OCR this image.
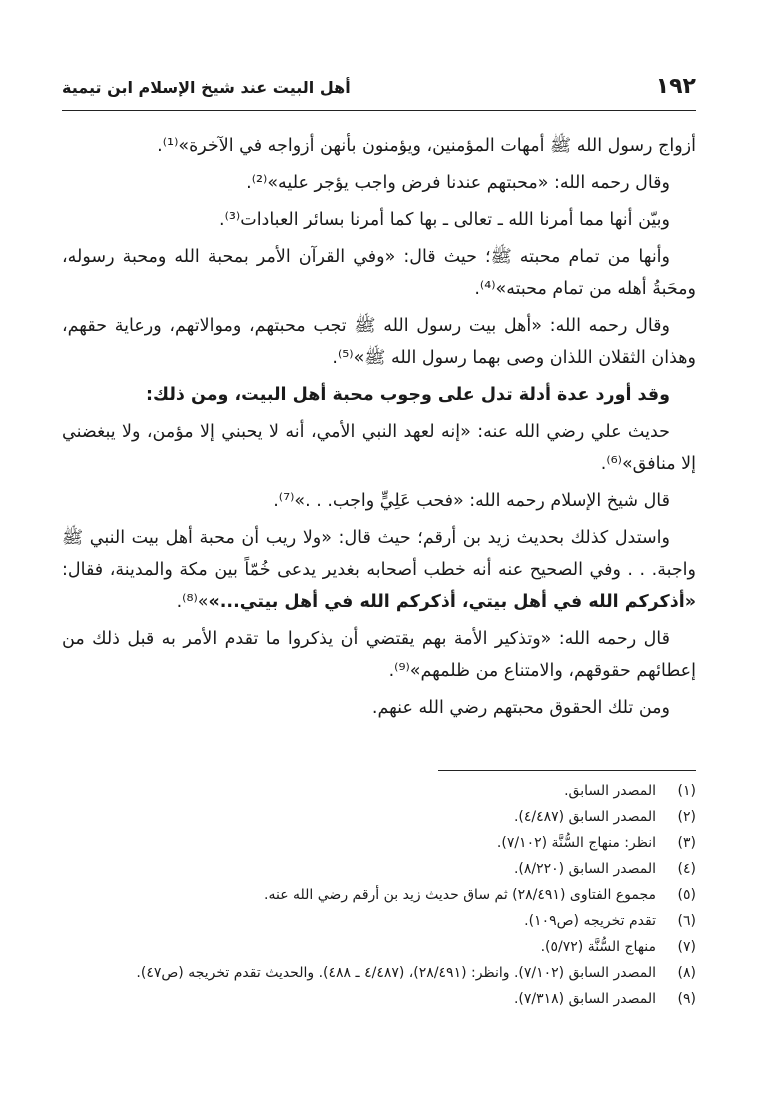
١٩٢
أهل البيت عند شيخ الإسلام ابن تيمية

أزواج رسول الله ﷺ أمهات المؤمنين، ويؤمنون بأنهن أزواجه في الآخرة»⁽¹⁾.

وقال رحمه الله: «محبتهم عندنا فرض واجب يؤجر عليه»⁽²⁾.

وبيّن أنها مما أمرنا الله ـ تعالى ـ بها كما أمرنا بسائر العبادات⁽³⁾.

وأنها من تمام محبته ﷺ؛ حيث قال: «وفي القرآن الأمر بمحبة الله ومحبة رسوله، ومحَبةُ أهله من تمام محبته»⁽⁴⁾.

وقال رحمه الله: «أهل بيت رسول الله ﷺ تجب محبتهم، وموالاتهم، ورعاية حقهم، وهذان الثقلان اللذان وصى بهما رسول الله ﷺ»⁽⁵⁾.

وقد أورد عدة أدلة تدل على وجوب محبة أهل البيت، ومن ذلك:

حديث علي رضي الله عنه: «إنه لعهد النبي الأمي، أنه لا يحبني إلا مؤمن، ولا يبغضني إلا منافق»⁽⁶⁾.

قال شيخ الإسلام رحمه الله: «فحب عَلِيٍّ واجب. . .»⁽⁷⁾.

واستدل كذلك بحديث زيد بن أرقم؛ حيث قال: «ولا ريب أن محبة أهل بيت النبي ﷺ واجبة. . . وفي الصحيح عنه أنه خطب أصحابه بغدير يدعى خُمّاً بين مكة والمدينة، فقال: «أذكركم الله في أهل بيتي، أذكركم الله في أهل بيتي...»»⁽⁸⁾.

قال رحمه الله: «وتذكير الأمة بهم يقتضي أن يذكروا ما تقدم الأمر به قبل ذلك من إعطائهم حقوقهم، والامتناع من ظلمهم»⁽⁹⁾.

ومن تلك الحقوق محبتهم رضي الله عنهم.

(١)
المصدر السابق.
(٢)
المصدر السابق (٤/٤٨٧).
(٣)
انظر: منهاج السُّنَّة (٧/١٠٢).
(٤)
المصدر السابق (٨/٢٢٠).
(٥)
مجموع الفتاوى (٢٨/٤٩١) ثم ساق حديث زيد بن أرقم رضي الله عنه.
(٦)
تقدم تخريجه (ص١٠٩).
(٧)
منهاج السُّنَّة (٥/٧٢).
(٨)
المصدر السابق (٧/١٠٢). وانظر: (٢٨/٤٩١)، (٤/٤٨٧ ـ ٤٨٨). والحديث تقدم تخريجه (ص٤٧).
(٩)
المصدر السابق (٧/٣١٨).
